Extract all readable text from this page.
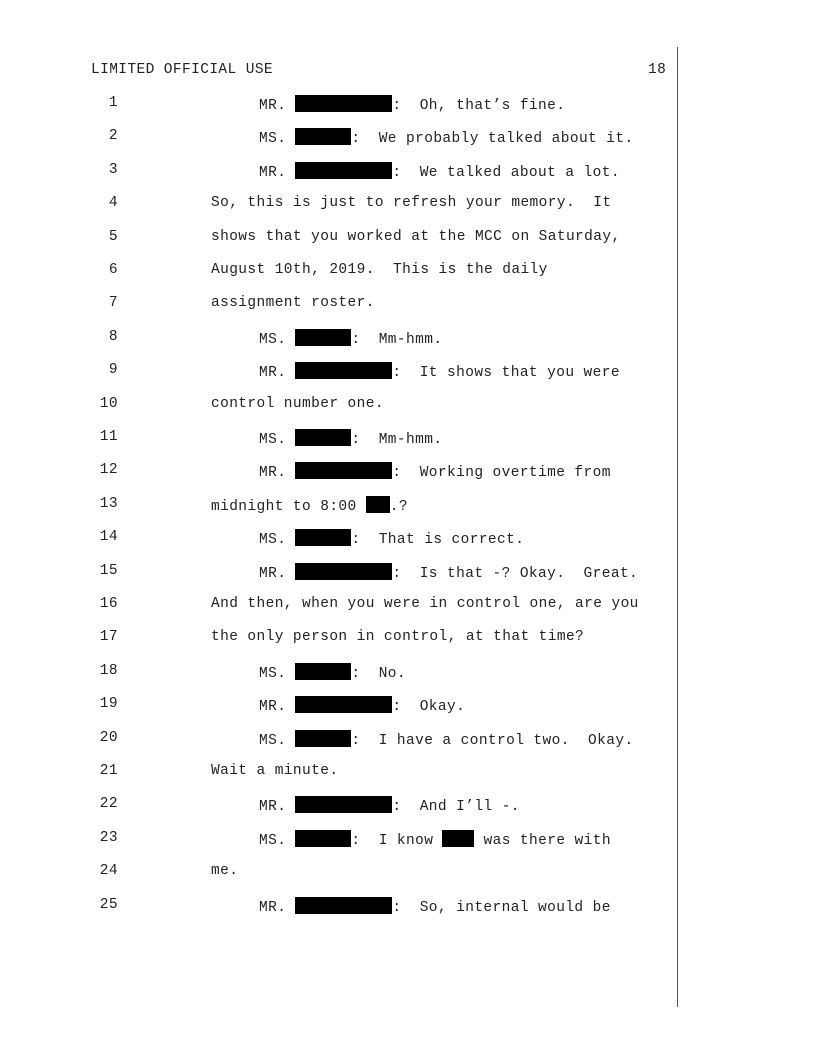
LIMITED OFFICIAL USE	18
1	MR.	:  Oh, that’s fine.
2	MS.	:  We probably talked about it.
3	MR.	:  We talked about a lot.
4	So, this is just to refresh your memory.  It
5	shows that you worked at the MCC on Saturday,
6	August 10th, 2019.  This is the daily
7	assignment roster.
8	MS.	:  Mm-hmm.
9	MR.	:  It shows that you were
10	control number one.
11	MS.	:  Mm-hmm.
12	MR.	:  Working overtime from
13	midnight to 8:00 .?
14	MS.	:  That is correct.
15	MR.	:  Is that -? Okay.  Great.
16	And then, when you were in control one, are you
17	the only person in control, at that time?
18	MS.	:  No.
19	MR.	:  Okay.
20	MS.	:  I have a control two.  Okay.
21	Wait a minute.
22	MR.	:  And I’ll -.
23	MS.	:  I know  was there with
24	me.
25	MR.	:  So, internal would be
